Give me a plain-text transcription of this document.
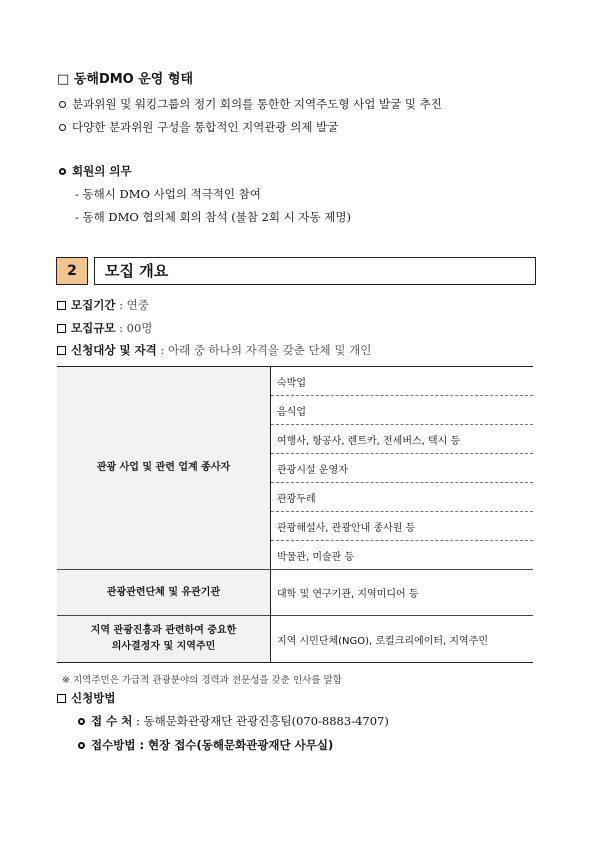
□ 동해DMO 운영 형태
분과위원 및 워킹그룹의 정기 회의를 통한한 지역주도형 사업 발굴 및 추진
다양한 분과위원 구성을 통합적인 지역관광 의제 발굴
회원의 의무
- 동해시 DMO 사업의 적극적인 참여
- 동해 DMO 협의체 회의 참석 (불참 2회 시 자동 제명)
2	모집 개요
모집기간 : 연중
모집규모 : 00명
신청대상 및 자격 : 아래 중 하나의 자격을 갖춘 단체 및 개인
관광 사업 및 관련 업계 종사자	숙박업
	음식업
	여행사, 항공사, 렌트카, 전세버스, 택시 등
	관광시설 운영자
	관광두레
	관광해설사, 관광안내 종사원 등
	박물관, 미술관 등
관광관련단체 및 유관기관	대학 및 연구기관, 지역미디어 등

지역 관광진흥과 관련하여 중요한
의사결정자 및 지역주민	지역 시민단체(NGO), 로컬크리에이터, 지역주민
※ 지역주민은 가급적 관광분야의 경력과 전문성을 갖춘 인사를 말함
신청방법
접 수 처 : 동해문화관광재단 관광진흥팀(070-8883-4707)
접수방법 : 현장 접수(동해문화관광재단 사무실)
